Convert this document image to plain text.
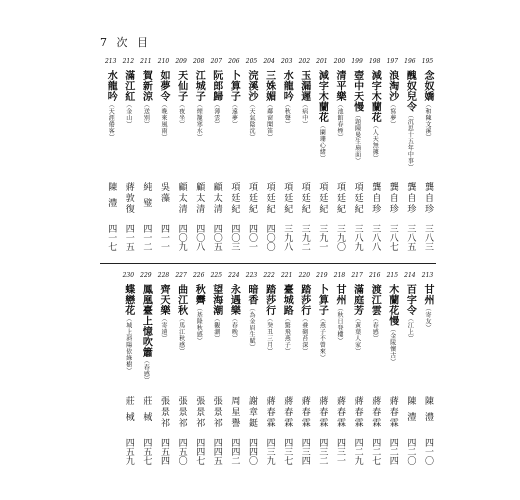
7 次 目
195
念奴嬌（和陳文溪）
龔自珍
三八三
196
醜奴兒令（沉思十五年中事）
龔自珍
三八五
197
浪淘沙（寫夢）
龔自珍
三八七
198
減字木蘭花（人天無據）
龔自珍
三八八
199
壺中天慢（題陳曼生扇面）
項廷紀
三八九
200
清平樂（池館春煙）
項廷紀
三九〇
201
減字木蘭花（闌珊心緒）
項廷紀
三九一
202
玉漏遲（病中）
項廷紀
三九二
203
水龍吟（秋聲）
項廷紀
三九八
204
三姝媚（鄰窗聞笛）
項廷紀
四〇〇
205
浣溪沙（天氣陰沈）
項廷紀
四〇一
206
卜算子（遠夢）
項廷紀
四〇三
207
阮郎歸（薄雲）
顧太清
四〇五
208
江城子（煙籠寒水）
顧太清
四〇八
209
天仙子（夜坐）
顧太清
四〇九
210
如夢令（晚來風雨）
吳藻
四一一
211
賀新涼（送別）
純 璧
四一二
212
滿江紅（金山）
蔣敦復
四一五
213
水龍吟（天涯倦客）
陳 澧
四一七
213
甘州（寄友）
陳 澧
四一〇
214
百字令（江上）
陳 澧
四二〇
215
木蘭花慢（金陵懷古）
蔣春霖
四二四
216
渡江雲（春感）
蔣春霖
四二七
217
滿庭芳（黃葉人家）
蔣春霖
四二九
218
甘州（秋日登樓）
蔣春霖
四三一
219
卜算子（燕子不曾來）
蔣春霖
四三二
220
踏莎行（叠砌苔深）
蔣春霖
四三四
221
臺城路（驚飛燕子）
蔣春霖
四三七
222
踏莎行（癸丑三月）
蔣春霖
四三九
223
暗香（為金眉生賦）
謝章鋌
四四〇
224
永遇樂（春晚）
周星譽
四四二
225
望海潮（觀潮）
張景祁
四四五
226
秋霽（基隆秋感）
張景祁
四四七
227
曲江秋（馬江秋感）
張景祁
四五〇
228
齊天樂（寄遠）
張景祁
四五四
229
鳳凰臺上憶吹簫（春感）
莊 棫
四五七
230
蝶戀花（城上斜陽依綠樹）
莊 棫
四五九
